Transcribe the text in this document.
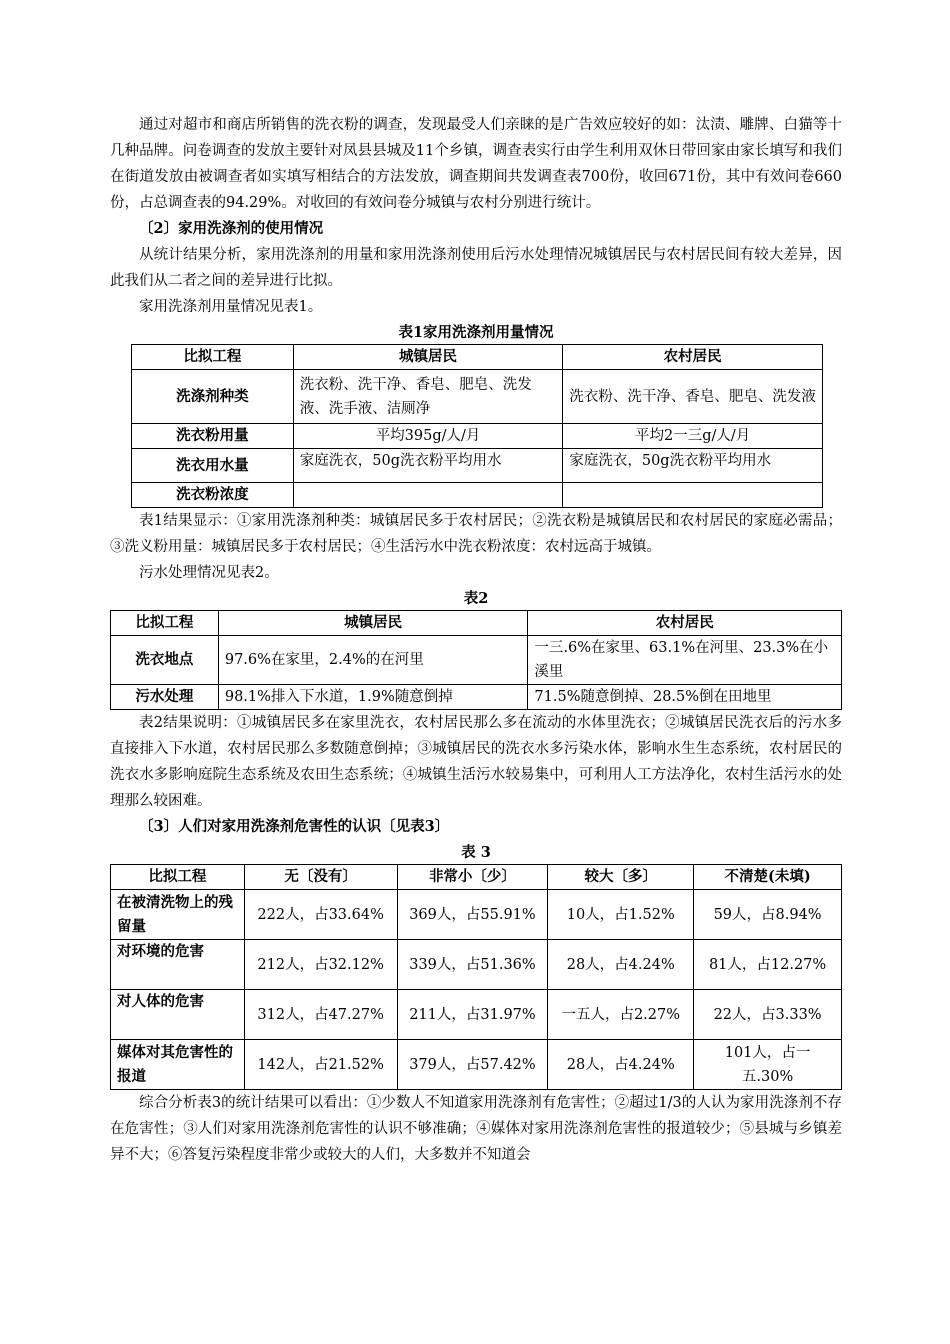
通过对超市和商店所销售的洗衣粉的调查，发现最受人们亲睐的是广告效应较好的如：汰渍、雕牌、白猫等十几种品牌。问卷调查的发放主要针对凤县县城及11个乡镇，调查表实行由学生利用双休日带回家由家长填写和我们在街道发放由被调查者如实填写相结合的方法发放，调查期间共发调查表700份，收回671份，其中有效问卷660份，占总调查表的94.29%。对收回的有效问卷分城镇与农村分别进行统计。

〔2〕家用洗涤剂的使用情况

从统计结果分析，家用洗涤剂的用量和家用洗涤剂使用后污水处理情况城镇居民与农村居民间有较大差异，因此我们从二者之间的差异进行比拟。

家用洗涤剂用量情况见表1。

表1家用洗涤剂用量情况
比拟工程	城镇居民	农村居民
洗涤剂种类	洗衣粉、洗干净、香皂、肥皂、洗发液、洗手液、洁厕净	洗衣粉、洗干净、香皂、肥皂、洗发液
洗衣粉用量	平均395g/人/月	平均2一三g/人/月
洗衣用水量	家庭洗衣，50g洗衣粉平均用水	家庭洗衣，50g洗衣粉平均用水
洗衣粉浓度		

表1结果显示：①家用洗涤剂种类：城镇居民多于农村居民；②洗衣粉是城镇居民和农村居民的家庭必需品；③洗义粉用量：城镇居民多于农村居民；④生活污水中洗衣粉浓度：农村远高于城镇。

污水处理情况见表2。

表2
比拟工程	城镇居民	农村居民
洗衣地点	97.6%在家里，2.4%的在河里	一三.6%在家里、63.1%在河里、23.3%在小溪里
污水处理	98.1%排入下水道，1.9%随意倒掉	71.5%随意倒掉、28.5%倒在田地里

表2结果说明：①城镇居民多在家里洗衣，农村居民那么多在流动的水体里洗衣；②城镇居民洗衣后的污水多直接排入下水道，农村居民那么多数随意倒掉；③城镇居民的洗衣水多污染水体，影响水生生态系统，农村居民的洗衣水多影响庭院生态系统及农田生态系统；④城镇生活污水较易集中，可利用人工方法净化，农村生活污水的处理那么较困难。

〔3〕人们对家用洗涤剂危害性的认识〔见表3〕
表 3
比拟工程	无〔没有〕	非常小〔少〕	较大〔多〕	不清楚(未填)
在被清洗物上的残留量	222人，占33.64%	369人，占55.91%	10人，占1.52%	59人，占8.94%
对环境的危害	212人，占32.12%	339人，占51.36%	28人，占4.24%	81人，占12.27%
对人体的危害	312人，占47.27%	211人，占31.97%	一五人，占2.27%	22人，占3.33%
媒体对其危害性的报道	142人，占21.52%	379人，占57.42%	28人，占4.24%	101人，占一五.30%

综合分析表3的统计结果可以看出：①少数人不知道家用洗涤剂有危害性；②超过1/3的人认为家用洗涤剂不存在危害性；③人们对家用洗涤剂危害性的认识不够准确；④媒体对家用洗涤剂危害性的报道较少；⑤县城与乡镇差异不大；⑥答复污染程度非常少或较大的人们，大多数并不知道会
